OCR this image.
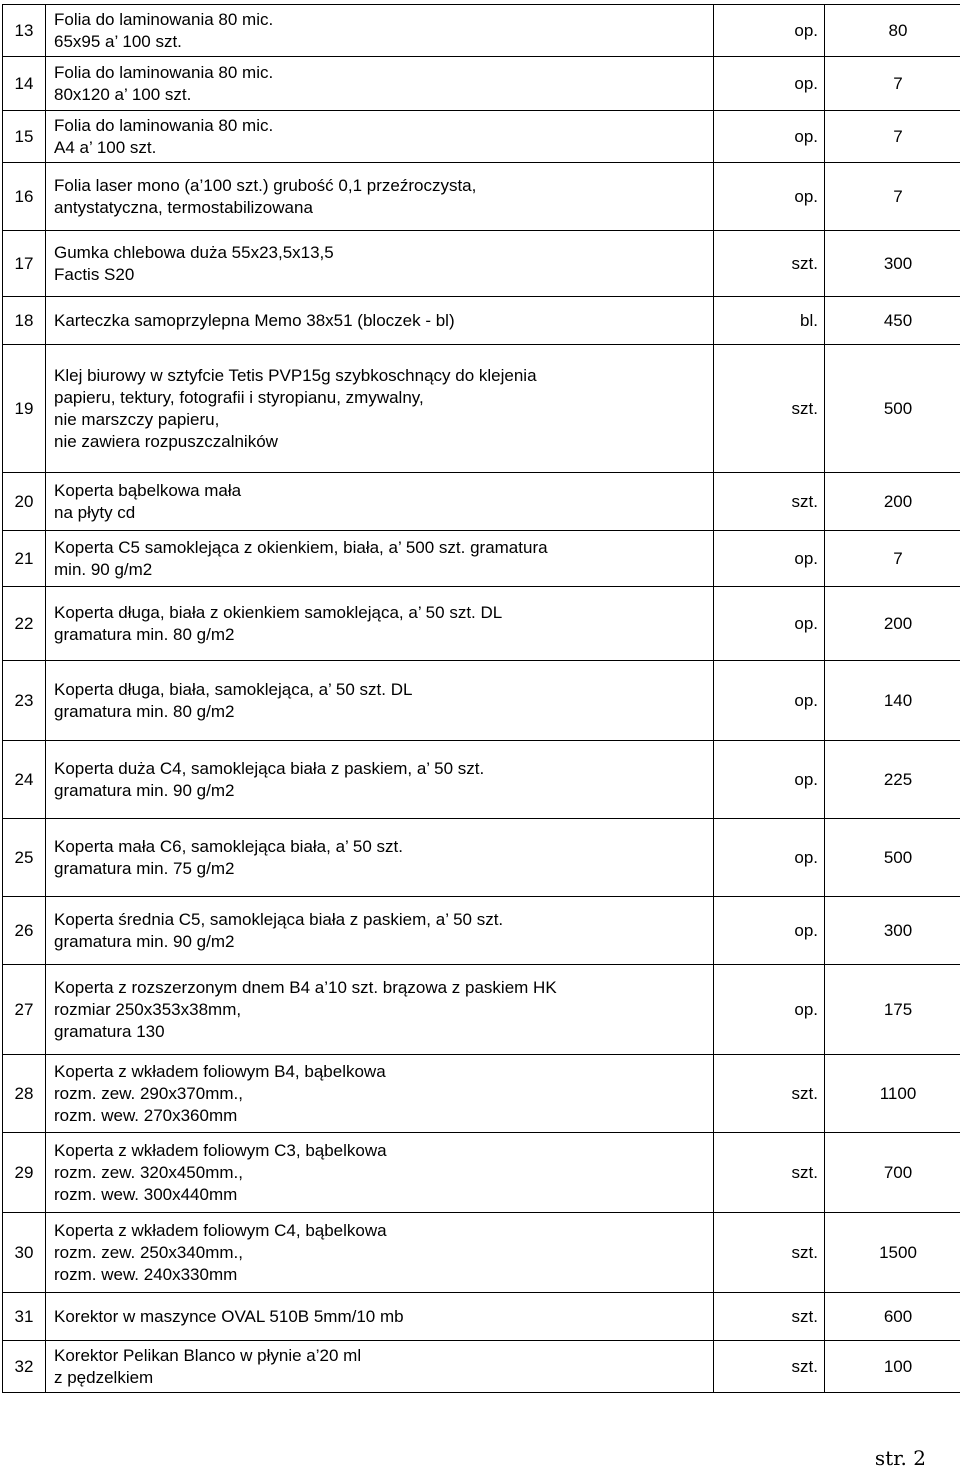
13	Folia do laminowania 80 mic.
65x95 a’ 100 szt.	op.	80
14	Folia do laminowania 80 mic.
80x120 a’ 100 szt.	op.	7
15	Folia do laminowania 80 mic.
A4 a’ 100 szt.	op.	7
16	Folia laser mono (a’100 szt.) grubość 0,1 przeźroczysta,
antystatyczna, termostabilizowana	op.	7
17	Gumka chlebowa duża 55x23,5x13,5
Factis S20	szt.	300
18	Karteczka samoprzylepna Memo 38x51 (bloczek - bl)	bl.	450
19	Klej biurowy w sztyfcie Tetis PVP15g szybkoschnący do klejenia
papieru, tektury, fotografii i styropianu, zmywalny,
nie marszczy papieru,
nie zawiera rozpuszczalników	szt.	500
20	Koperta bąbelkowa mała
na płyty cd	szt.	200
21	Koperta C5 samoklejąca z okienkiem, biała, a’ 500 szt. gramatura
min. 90 g/m2	op.	7
22	Koperta długa, biała z okienkiem samoklejąca, a’ 50 szt. DL
gramatura min. 80 g/m2	op.	200
23	Koperta długa, biała, samoklejąca, a’ 50 szt. DL
gramatura min. 80 g/m2	op.	140
24	Koperta duża C4, samoklejąca biała z paskiem, a’ 50 szt.
gramatura min. 90 g/m2	op.	225
25	Koperta mała C6, samoklejąca biała, a’ 50 szt.
gramatura min. 75 g/m2	op.	500
26	Koperta średnia C5, samoklejąca biała z paskiem, a’ 50 szt.
gramatura min. 90 g/m2	op.	300
27	Koperta z rozszerzonym dnem B4 a’10 szt. brązowa z paskiem HK
rozmiar 250x353x38mm,
gramatura 130	op.	175
28	Koperta z wkładem foliowym B4, bąbelkowa
rozm. zew. 290x370mm.,
rozm. wew. 270x360mm	szt.	1100
29	Koperta z wkładem foliowym C3, bąbelkowa
rozm. zew. 320x450mm.,
rozm. wew. 300x440mm	szt.	700
30	Koperta z wkładem foliowym C4, bąbelkowa
rozm. zew. 250x340mm.,
rozm. wew. 240x330mm	szt.	1500
31	Korektor w maszynce OVAL 510B 5mm/10 mb	szt.	600
32	Korektor Pelikan Blanco w płynie a’20 ml
z pędzelkiem	szt.	100
str. 2
